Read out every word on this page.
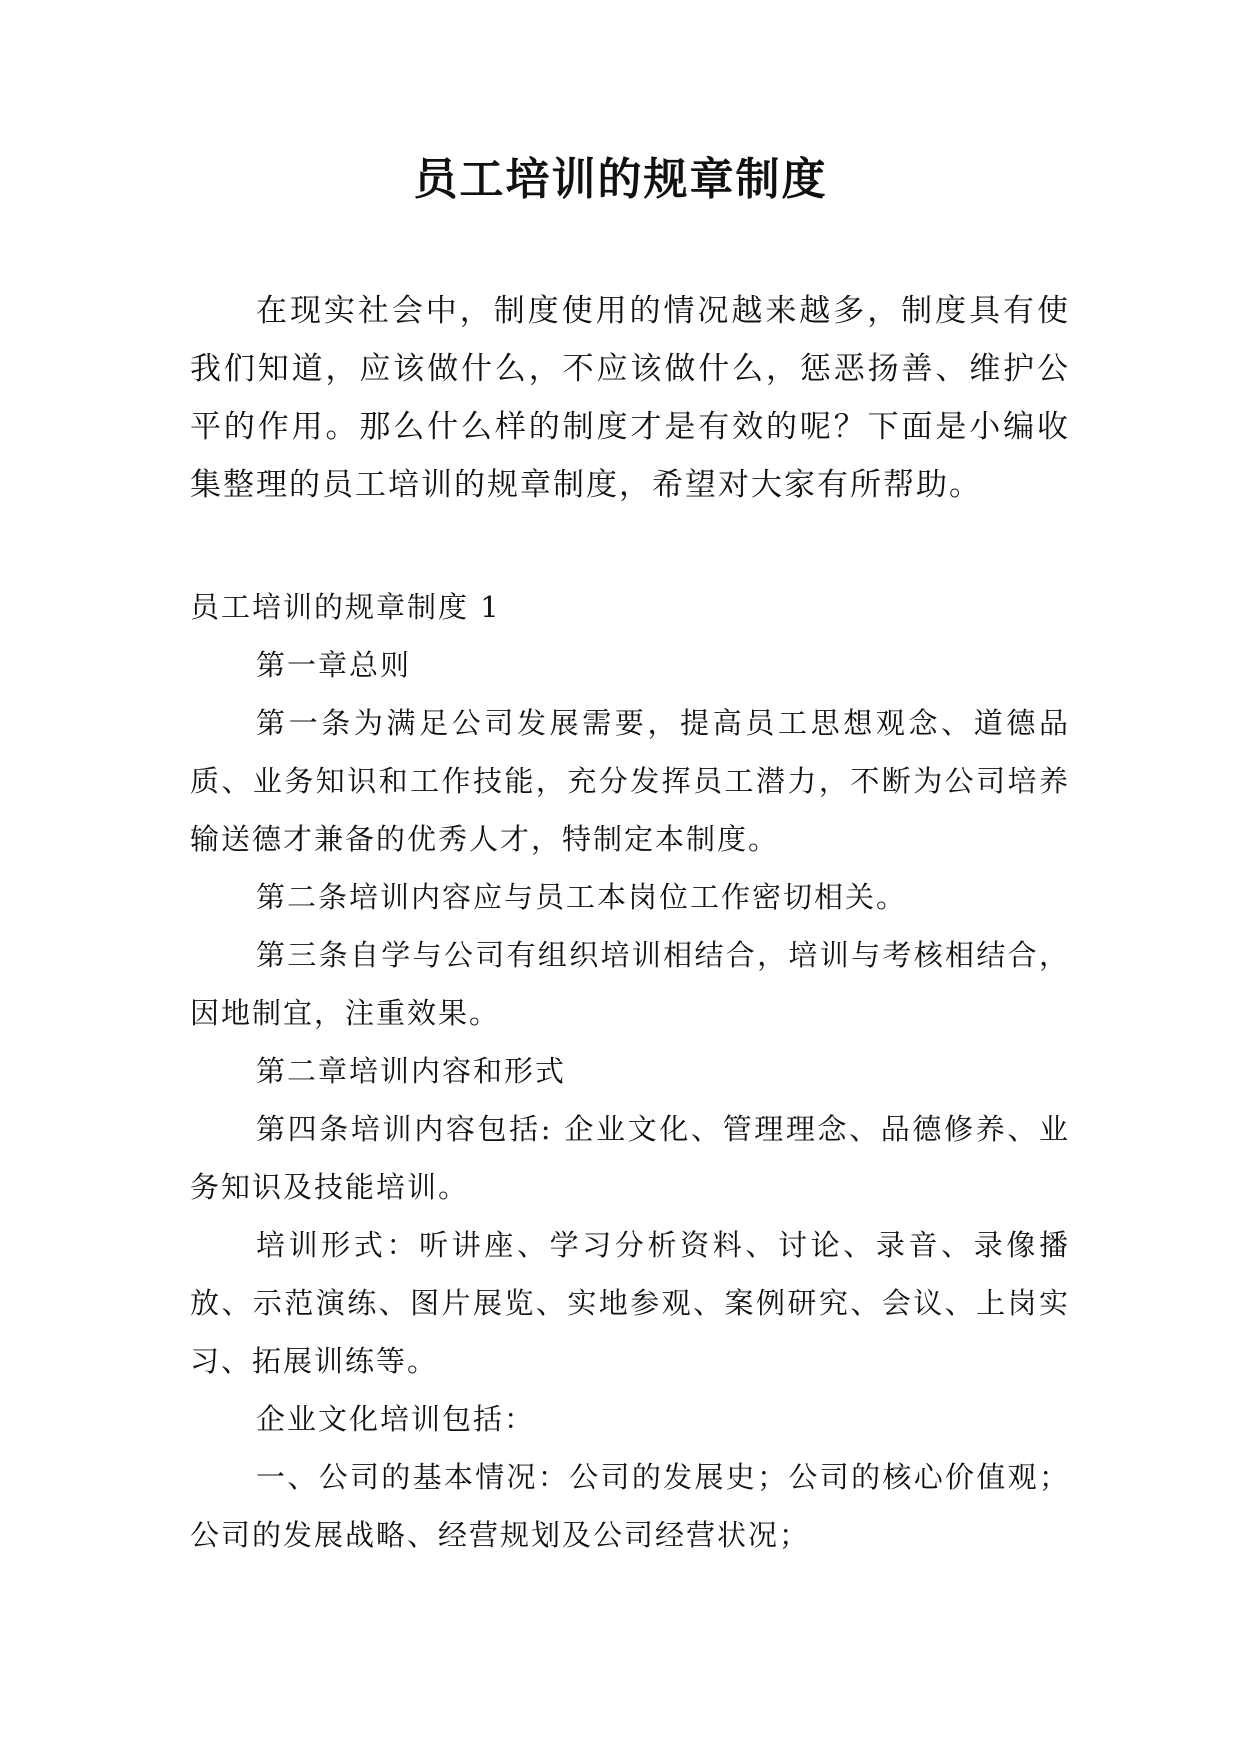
员工培训的规章制度

在现实社会中，制度使用的情况越来越多，制度具有使我们知道，应该做什么，不应该做什么，惩恶扬善、维护公平的作用。那么什么样的制度才是有效的呢？下面是小编收集整理的员工培训的规章制度，希望对大家有所帮助。

员工培训的规章制度 1

第一章总则

第一条为满足公司发展需要，提高员工思想观念、道德品质、业务知识和工作技能，充分发挥员工潜力，不断为公司培养输送德才兼备的优秀人才，特制定本制度。

第二条培训内容应与员工本岗位工作密切相关。

第三条自学与公司有组织培训相结合，培训与考核相结合，因地制宜，注重效果。

第二章培训内容和形式

第四条培训内容包括: 企业文化、管理理念、品德修养、业务知识及技能培训。

培训形式：听讲座、学习分析资料、讨论、录音、录像播放、示范演练、图片展览、实地参观、案例研究、会议、上岗实习、拓展训练等。

企业文化培训包括：

一、公司的基本情况：公司的发展史；公司的核心价值观；公司的发展战略、经营规划及公司经营状况；
